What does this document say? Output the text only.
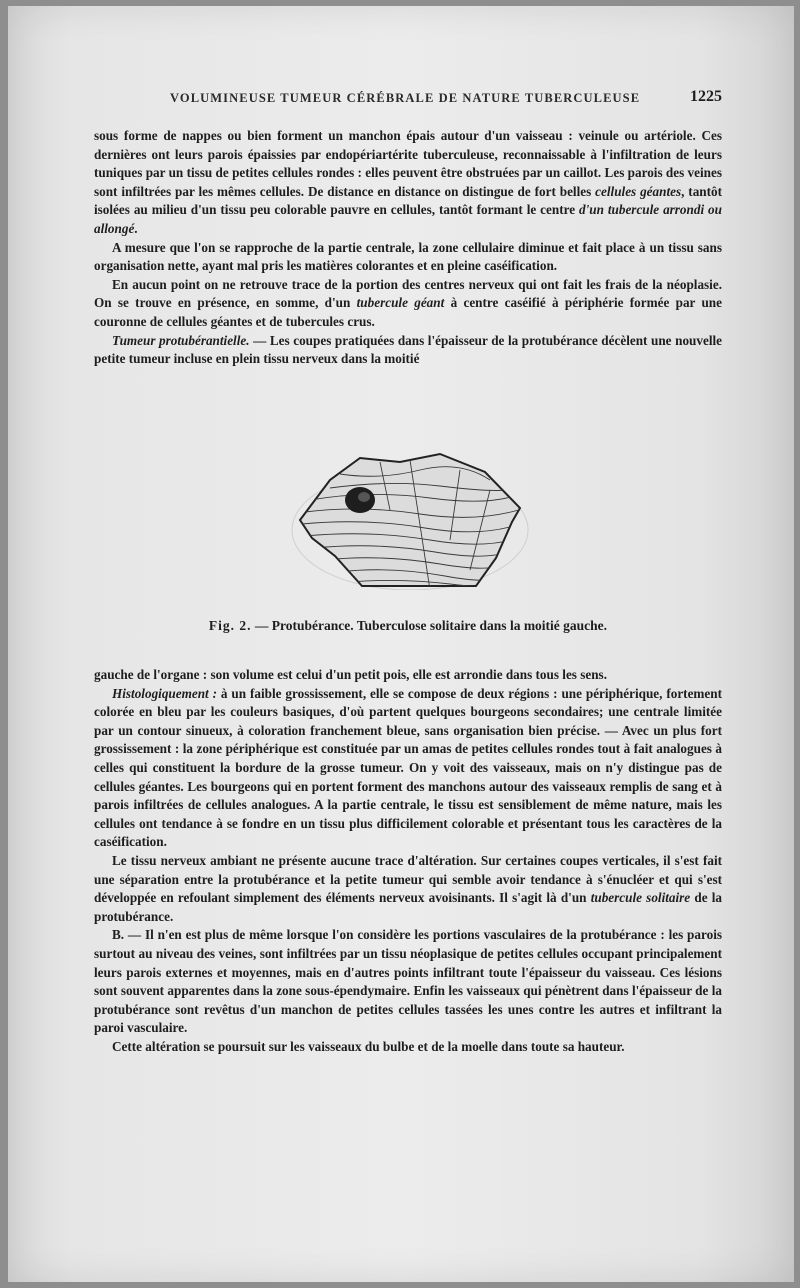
VOLUMINEUSE TUMEUR CÉRÉBRALE DE NATURE TUBERCULEUSE	1225

sous forme de nappes ou bien forment un manchon épais autour d'un vaisseau : veinule ou artériole. Ces dernières ont leurs parois épaissies par endopériartérite tuberculeuse, reconnaissable à l'infiltration de leurs tuniques par un tissu de petites cellules rondes : elles peuvent être obstruées par un caillot. Les parois des veines sont infiltrées par les mêmes cellules. De distance en distance on distingue de fort belles cellules géantes, tantôt isolées au milieu d'un tissu peu colorable pauvre en cellules, tantôt formant le centre d'un tubercule arrondi ou allongé.

A mesure que l'on se rapproche de la partie centrale, la zone cellulaire diminue et fait place à un tissu sans organisation nette, ayant mal pris les matières colorantes et en pleine caséification.

En aucun point on ne retrouve trace de la portion des centres nerveux qui ont fait les frais de la néoplasie. On se trouve en présence, en somme, d'un tubercule géant à centre caséifié à périphérie formée par une couronne de cellules géantes et de tubercules crus.

Tumeur protubérantielle. — Les coupes pratiquées dans l'épaisseur de la protubérance décèlent une nouvelle petite tumeur incluse en plein tissu nerveux dans la moitié

Fig. 2. — Protubérance. Tuberculose solitaire dans la moitié gauche.

gauche de l'organe : son volume est celui d'un petit pois, elle est arrondie dans tous les sens.

Histologiquement : à un faible grossissement, elle se compose de deux régions : une périphérique, fortement colorée en bleu par les couleurs basiques, d'où partent quelques bourgeons secondaires; une centrale limitée par un contour sinueux, à coloration franchement bleue, sans organisation bien précise. — Avec un plus fort grossissement : la zone périphérique est constituée par un amas de petites cellules rondes tout à fait analogues à celles qui constituent la bordure de la grosse tumeur. On y voit des vaisseaux, mais on n'y distingue pas de cellules géantes. Les bourgeons qui en portent forment des manchons autour des vaisseaux remplis de sang et à parois infiltrées de cellules analogues. A la partie centrale, le tissu est sensiblement de même nature, mais les cellules ont tendance à se fondre en un tissu plus difficilement colorable et présentant tous les caractères de la caséification.

Le tissu nerveux ambiant ne présente aucune trace d'altération. Sur certaines coupes verticales, il s'est fait une séparation entre la protubérance et la petite tumeur qui semble avoir tendance à s'énucléer et qui s'est développée en refoulant simplement des éléments nerveux avoisinants. Il s'agit là d'un tubercule solitaire de la protubérance.

B. — Il n'en est plus de même lorsque l'on considère les portions vasculaires de la protubérance : les parois surtout au niveau des veines, sont infiltrées par un tissu néoplasique de petites cellules occupant principalement leurs parois externes et moyennes, mais en d'autres points infiltrant toute l'épaisseur du vaisseau. Ces lésions sont souvent apparentes dans la zone sous-épendymaire. Enfin les vaisseaux qui pénètrent dans l'épaisseur de la protubérance sont revêtus d'un manchon de petites cellules tassées les unes contre les autres et infiltrant la paroi vasculaire.

Cette altération se poursuit sur les vaisseaux du bulbe et de la moelle dans toute sa hauteur.
